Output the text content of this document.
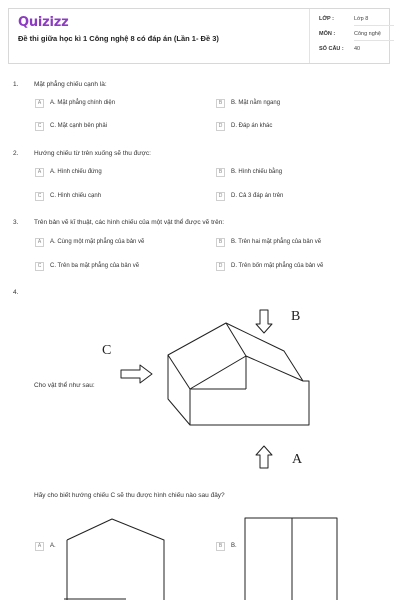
Quizizz
Đề thi giữa học kì 1 Công nghệ 8 có đáp án (Lần 1- Đề 3)
LỚP :	Lớp 8
MÔN :	Công nghệ
SỐ CÂU : 40
1. Mặt phẳng chiếu cạnh là:
A	A. Mặt phẳng chính diện	B	B. Mặt nằm ngang
C	C. Mặt cạnh bên phải	D	D. Đáp án khác
2. Hướng chiếu từ trên xuống sẽ thu được:
A	A. Hình chiếu đứng	B	B. Hình chiếu bằng
C	C. Hình chiếu cạnh	D	D. Cả 3 đáp án trên
3. Trên bản vẽ kĩ thuật, các hình chiếu của một vật thể được vẽ trên:
A	A. Cùng một mặt phẳng của bản vẽ	B	B. Trên hai mặt phẳng của bản vẽ
C	C. Trên ba mặt phẳng của bản vẽ	D	D. Trên bốn mặt phẳng của bản vẽ
4.
B
C
A
Cho vật thể như sau:
Hãy cho biết hướng chiếu C sẽ thu được hình chiếu nào sau đây?
A	A.	B	B.
